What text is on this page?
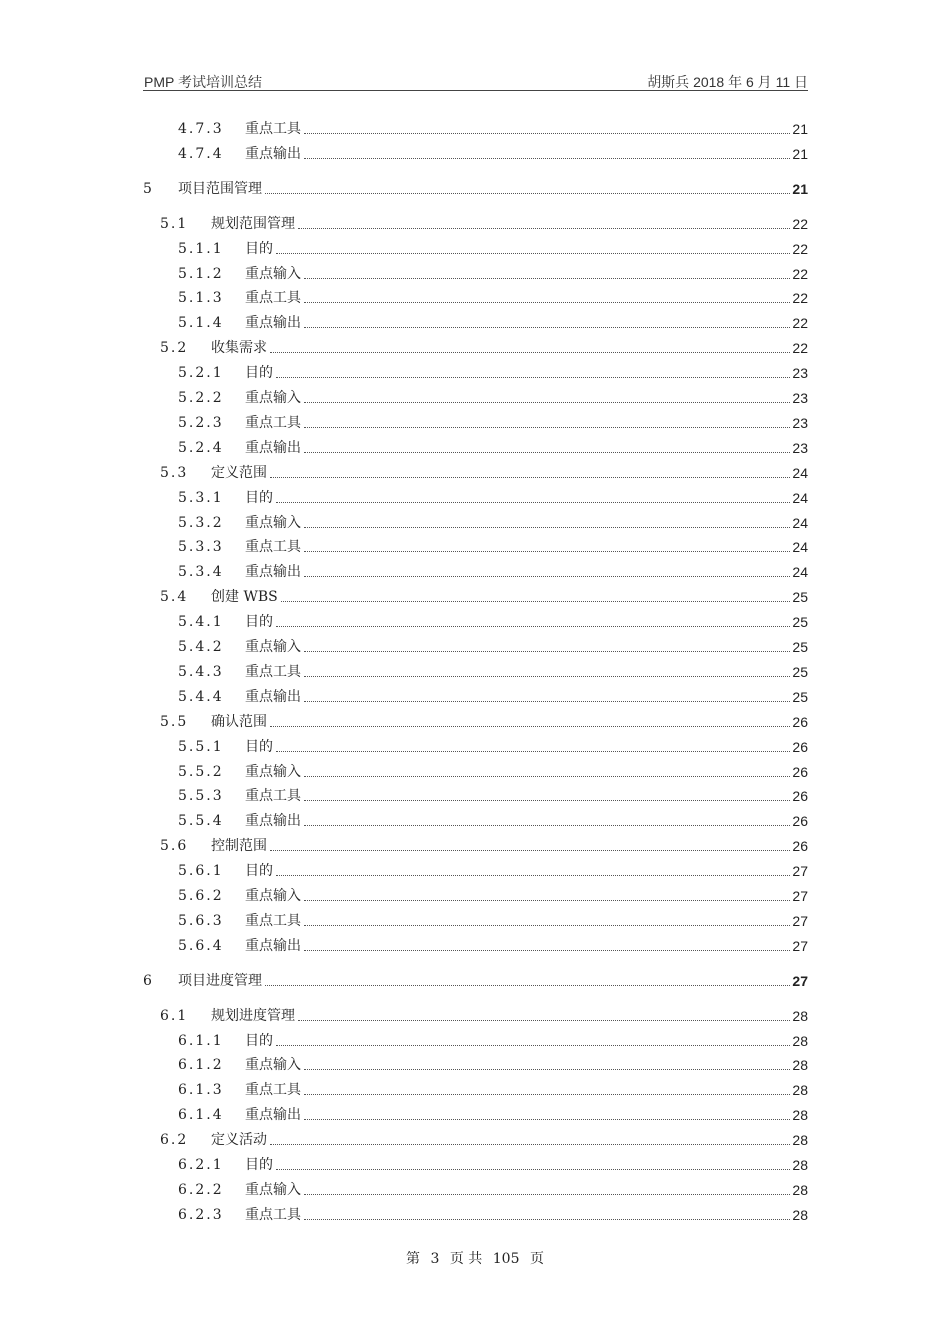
PMP 考试培训总结	胡斯兵 2018 年 6 月 11 日
4.7.3 重点工具	21
4.7.4 重点输出	21
5 项目范围管理	21
5.1 规划范围管理	22
5.1.1 目的	22
5.1.2 重点输入	22
5.1.3 重点工具	22
5.1.4 重点输出	22
5.2 收集需求	22
5.2.1 目的	23
5.2.2 重点输入	23
5.2.3 重点工具	23
5.2.4 重点输出	23
5.3 定义范围	24
5.3.1 目的	24
5.3.2 重点输入	24
5.3.3 重点工具	24
5.3.4 重点输出	24
5.4 创建 WBS	25
5.4.1 目的	25
5.4.2 重点输入	25
5.4.3 重点工具	25
5.4.4 重点输出	25
5.5 确认范围	26
5.5.1 目的	26
5.5.2 重点输入	26
5.5.3 重点工具	26
5.5.4 重点输出	26
5.6 控制范围	26
5.6.1 目的	27
5.6.2 重点输入	27
5.6.3 重点工具	27
5.6.4 重点输出	27
6 项目进度管理	27
6.1 规划进度管理	28
6.1.1 目的	28
6.1.2 重点输入	28
6.1.3 重点工具	28
6.1.4 重点输出	28
6.2 定义活动	28
6.2.1 目的	28
6.2.2 重点输入	28
6.2.3 重点工具	28
第 3 页 共 105 页
